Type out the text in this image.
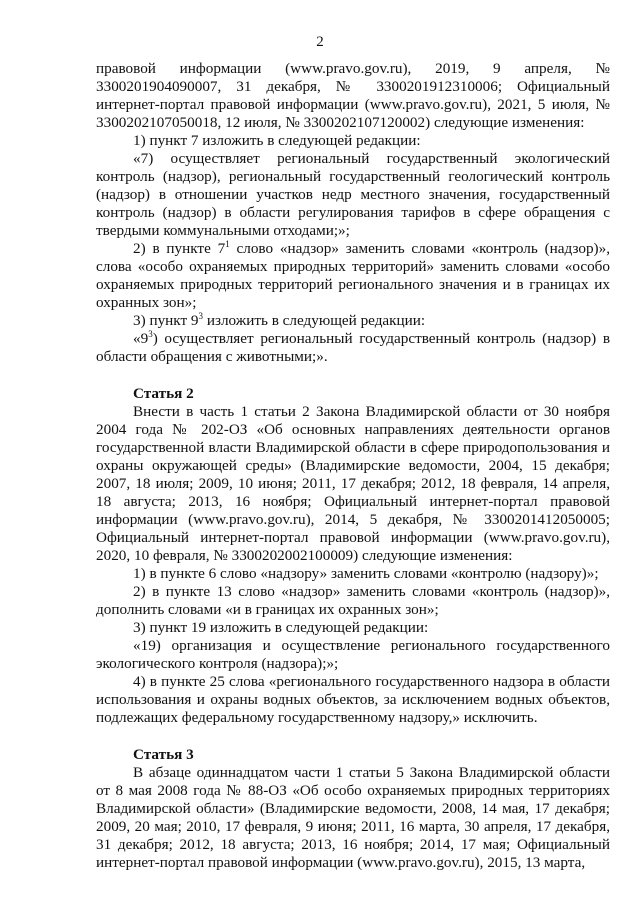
2

правовой информации (www.pravo.gov.ru), 2019, 9 апреля, № 3300201904090007, 31 декабря, № 3300201912310006; Официальный интернет-портал правовой информации (www.pravo.gov.ru), 2021, 5 июля, № 3300202107050018, 12 июля, № 3300202107120002) следующие изменения:

1) пункт 7 изложить в следующей редакции:

«7) осуществляет региональный государственный экологический контроль (надзор), региональный государственный геологический контроль (надзор) в отношении участков недр местного значения, государственный контроль (надзор) в области регулирования тарифов в сфере обращения с твердыми коммунальными отходами;»;

2) в пункте $7^1$ слово «надзор» заменить словами «контроль (надзор)», слова «особо охраняемых природных территорий» заменить словами «особо охраняемых природных территорий регионального значения и в границах их охранных зон»;

3) пункт $9^3$ изложить в следующей редакции:

«$9^3$) осуществляет региональный государственный контроль (надзор) в области обращения с животными;».

Статья 2

Внести в часть 1 статьи 2 Закона Владимирской области от 30 ноября 2004 года № 202-ОЗ «Об основных направлениях деятельности органов государственной власти Владимирской области в сфере природопользования и охраны окружающей среды» (Владимирские ведомости, 2004, 15 декабря; 2007, 18 июля; 2009, 10 июня; 2011, 17 декабря; 2012, 18 февраля, 14 апреля, 18 августа; 2013, 16 ноября; Официальный интернет-портал правовой информации (www.pravo.gov.ru), 2014, 5 декабря, № 3300201412050005; Официальный интернет-портал правовой информации (www.pravo.gov.ru), 2020, 10 февраля, № 3300202002100009) следующие изменения:

1) в пункте 6 слово «надзору» заменить словами «контролю (надзору)»;

2) в пункте 13 слово «надзор» заменить словами «контроль (надзор)», дополнить словами «и в границах их охранных зон»;

3) пункт 19 изложить в следующей редакции:

«19) организация и осуществление регионального государственного экологического контроля (надзора);»;

4) в пункте 25 слова «регионального государственного надзора в области использования и охраны водных объектов, за исключением водных объектов, подлежащих федеральному государственному надзору,» исключить.

Статья 3

В абзаце одиннадцатом части 1 статьи 5 Закона Владимирской области от 8 мая 2008 года № 88-ОЗ «Об особо охраняемых природных территориях Владимирской области» (Владимирские ведомости, 2008, 14 мая, 17 декабря; 2009, 20 мая; 2010, 17 февраля, 9 июня; 2011, 16 марта, 30 апреля, 17 декабря, 31 декабря; 2012, 18 августа; 2013, 16 ноября; 2014, 17 мая; Официальный интернет-портал правовой информации (www.pravo.gov.ru), 2015, 13 марта,
